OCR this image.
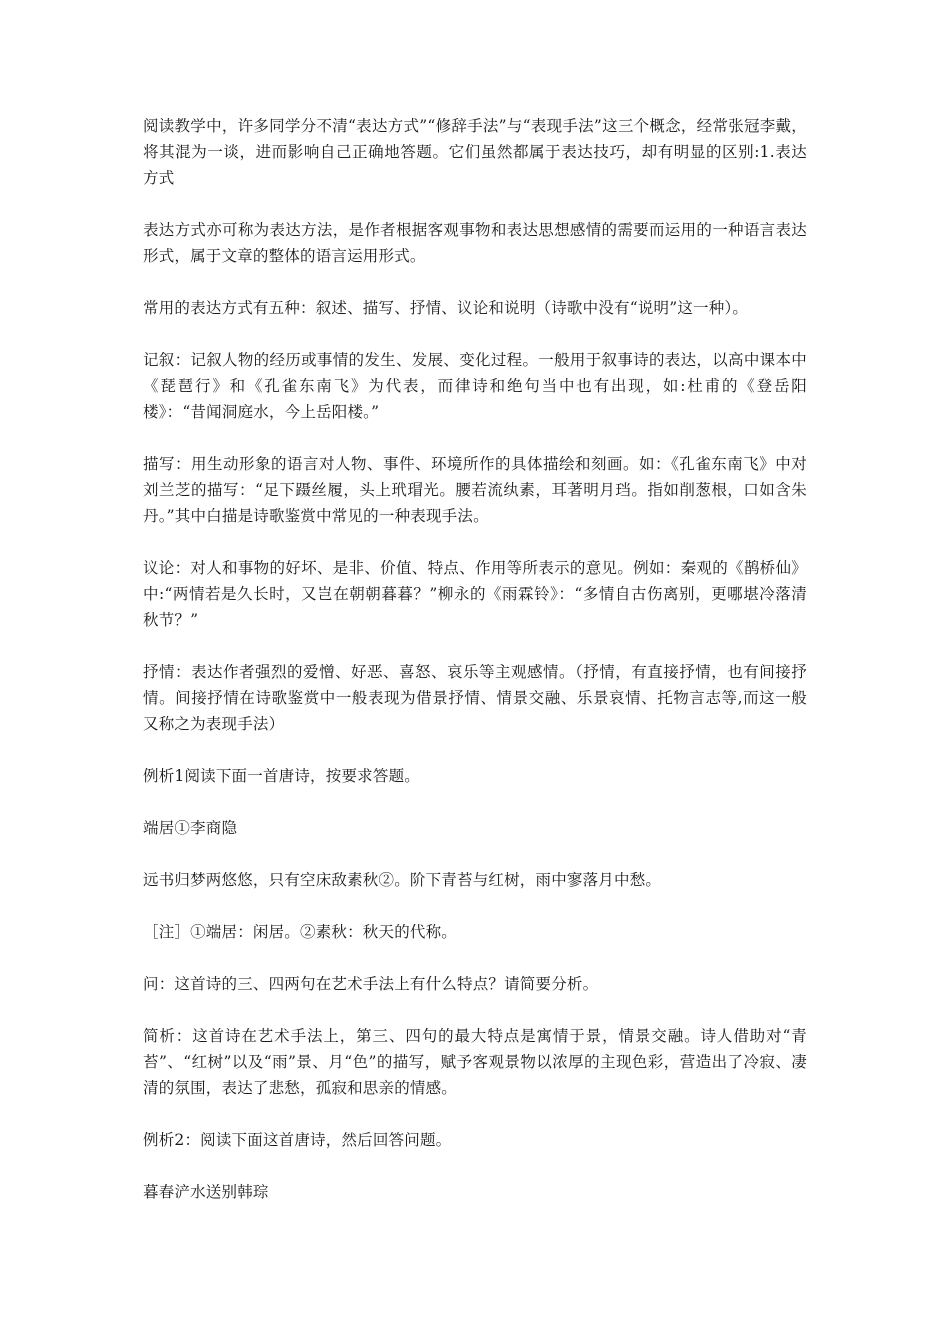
阅读教学中，许多同学分不清“表达方式”“修辞手法”与“表现手法”这三个概念，经常张冠李戴，将其混为一谈，进而影响自己正确地答题。它们虽然都属于表达技巧，却有明显的区别:1.表达方式

表达方式亦可称为表达方法，是作者根据客观事物和表达思想感情的需要而运用的一种语言表达形式，属于文章的整体的语言运用形式。

常用的表达方式有五种：叙述、描写、抒情、议论和说明（诗歌中没有“说明”这一种）。

记叙：记叙人物的经历或事情的发生、发展、变化过程。一般用于叙事诗的表达，以高中课本中《琵琶行》和《孔雀东南飞》为代表，而律诗和绝句当中也有出现，如:杜甫的《登岳阳楼》：“昔闻洞庭水，今上岳阳楼。”

描写：用生动形象的语言对人物、事件、环境所作的具体描绘和刻画。如：《孔雀东南飞》中对刘兰芝的描写：“足下蹑丝履，头上玳瑁光。腰若流纨素，耳著明月珰。指如削葱根，口如含朱丹。”其中白描是诗歌鉴赏中常见的一种表现手法。

议论：对人和事物的好坏、是非、价值、特点、作用等所表示的意见。例如：秦观的《鹊桥仙》中:“两情若是久长时，又岂在朝朝暮暮？”柳永的《雨霖铃》：“多情自古伤离别，更哪堪冷落清秋节？”

抒情：表达作者强烈的爱憎、好恶、喜怒、哀乐等主观感情。（抒情，有直接抒情，也有间接抒情。间接抒情在诗歌鉴赏中一般表现为借景抒情、情景交融、乐景哀情、托物言志等,而这一般又称之为表现手法）

例析1阅读下面一首唐诗，按要求答题。

端居①李商隐

远书归梦两悠悠，只有空床敌素秋②。阶下青苔与红树，雨中寥落月中愁。

［注］①端居：闲居。②素秋：秋天的代称。

问：这首诗的三、四两句在艺术手法上有什么特点？请简要分析。

简析：这首诗在艺术手法上，第三、四句的最大特点是寓情于景，情景交融。诗人借助对“青苔”、“红树”以及“雨”景、月“色”的描写，赋予客观景物以浓厚的主现色彩，营造出了冷寂、凄清的氛围，表达了悲愁，孤寂和思亲的情感。

例析2：阅读下面这首唐诗，然后回答问题。

暮春浐水送别韩琮
